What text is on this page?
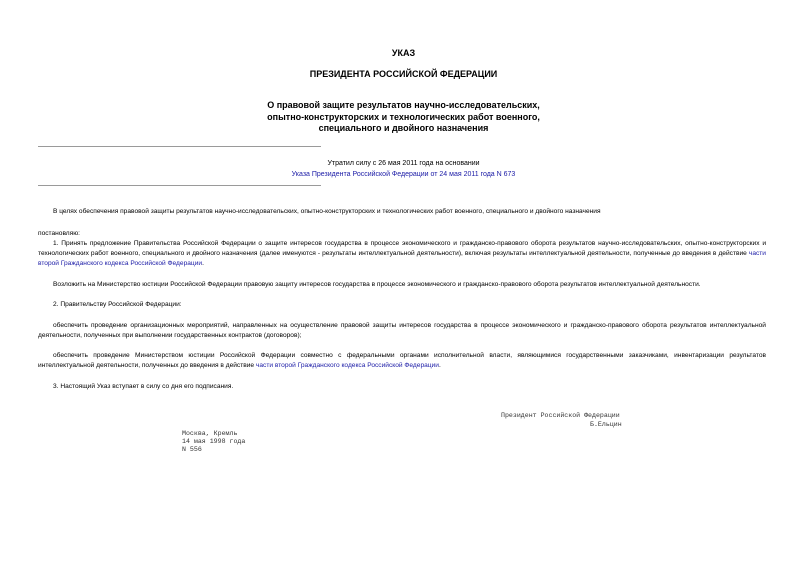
УКАЗ
ПРЕЗИДЕНТА РОССИЙСКОЙ ФЕДЕРАЦИИ
О правовой защите результатов научно-исследовательских,
опытно-конструкторских и технологических работ военного,
специального и двойного назначения
Утратил силу с 26 мая 2011 года на основании
Указа Президента Российской Федерации от 24 мая 2011 года N 673
В целях обеспечения правовой защиты результатов научно-исследовательских, опытно-конструкторских и технологических работ военного, специального и двойного назначения
постановляю:
1. Принять предложение Правительства Российской Федерации о защите интересов государства в процессе экономического и гражданско-правового оборота результатов научно-исследовательских, опытно-конструкторских и технологических работ военного, специального и двойного назначения (далее именуются - результаты интеллектуальной деятельности), включая результаты интеллектуальной деятельности, полученные до введения в действие части второй Гражданского кодекса Российской Федерации.
Возложить на Министерство юстиции Российской Федерации правовую защиту интересов государства в процессе экономического и гражданско-правового оборота результатов интеллектуальной деятельности.
2. Правительству Российской Федерации:
обеспечить проведение организационных мероприятий, направленных на осуществление правовой защиты интересов государства в процессе экономического и гражданско-правового оборота результатов интеллектуальной деятельности, полученных при выполнении государственных контрактов (договоров);
обеспечить проведение Министерством юстиции Российской Федерации совместно с федеральными органами исполнительной власти, являющимися государственными заказчиками, инвентаризации результатов интеллектуальной деятельности, полученных до введения в действие части второй Гражданского кодекса Российской Федерации.
3. Настоящий Указ вступает в силу со дня его подписания.
Президент Российской Федерации
Б.Ельцин
Москва, Кремль
14 мая 1998 года
N 556
